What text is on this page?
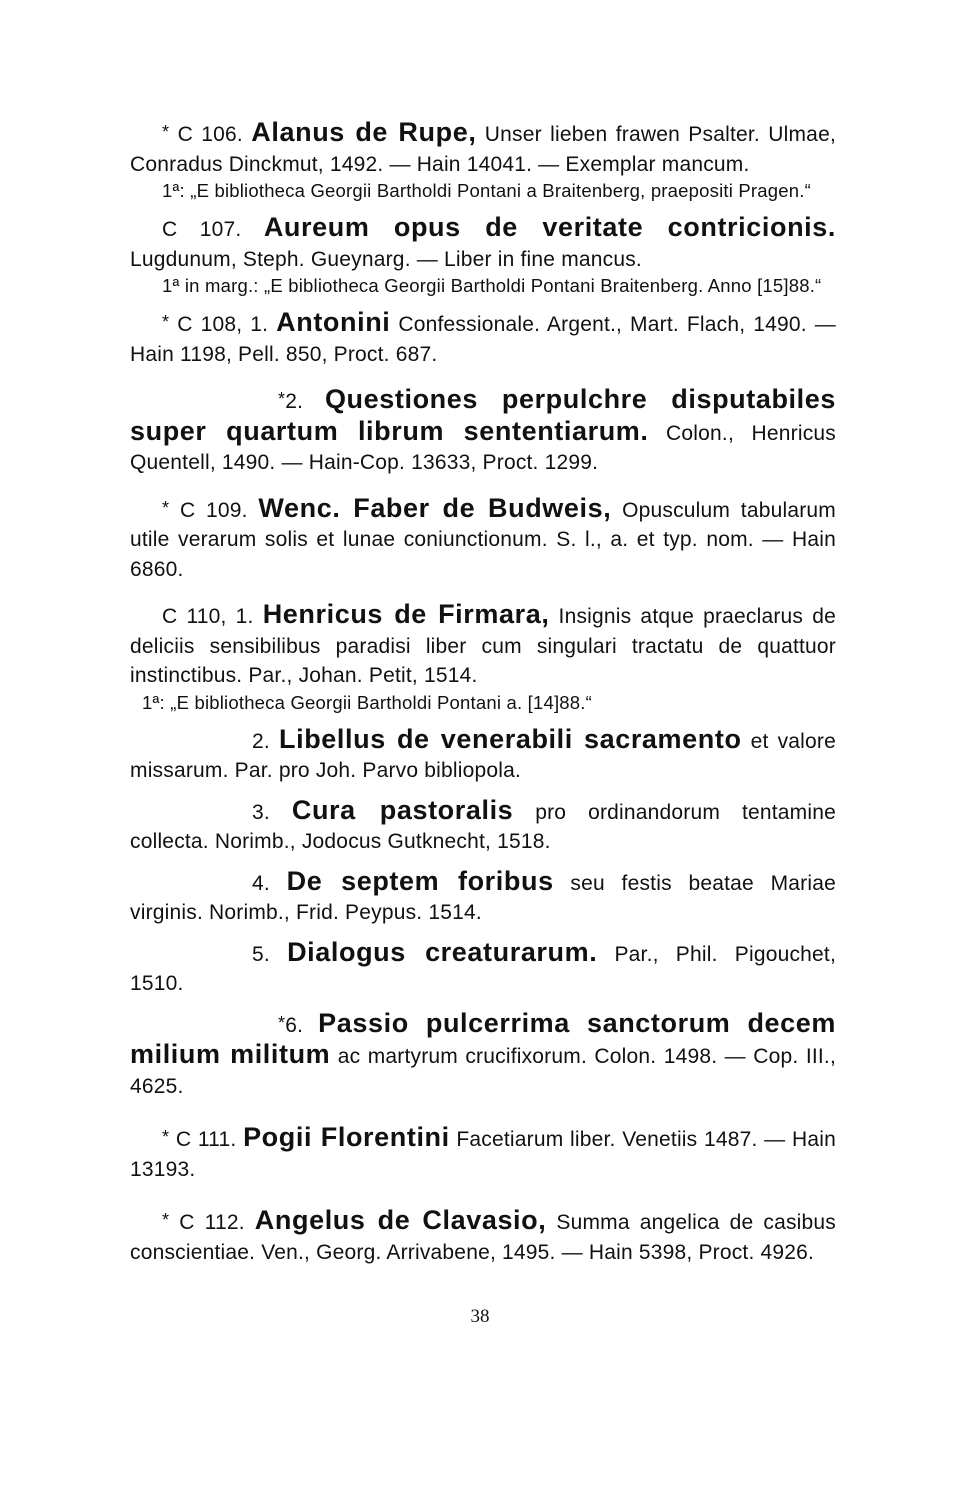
* C 106. Alanus de Rupe, Unser lieben frawen Psalter. Ulmae, Conradus Dinckmut, 1492. — Hain 14041. — Exemplar mancum.

1ª: „E bibliotheca Georgii Bartholdi Pontani a Braitenberg, praepositi Pragen.“

C 107. Aureum opus de veritate contricionis. Lugdunum, Steph. Gueynarg. — Liber in fine mancus.

1ª in marg.: „E bibliotheca Georgii Bartholdi Pontani Braitenberg. Anno [15]88.“

* C 108, 1. Antonini Confessionale. Argent., Mart. Flach, 1490. — Hain 1198, Pell. 850, Proct. 687.

*2. Questiones perpulchre disputabiles super quartum librum sententiarum. Colon., Henricus Quentell, 1490. — Hain-Cop. 13633, Proct. 1299.

* C 109. Wenc. Faber de Budweis, Opusculum tabularum utile verarum solis et lunae coniunctionum. S. l., a. et typ. nom. — Hain 6860.

C 110, 1. Henricus de Firmara, Insignis atque praeclarus de deliciis sensibilibus paradisi liber cum singulari tractatu de quattuor instinctibus. Par., Johan. Petit, 1514.

1ª: „E bibliotheca Georgii Bartholdi Pontani a. [14]88.“

2. Libellus de venerabili sacramento et valore missarum. Par. pro Joh. Parvo bibliopola.

3. Cura pastoralis pro ordinandorum tentamine collecta. Norimb., Jodocus Gutknecht, 1518.

4. De septem foribus seu festis beatae Mariae virginis. Norimb., Frid. Peypus. 1514.

5. Dialogus creaturarum. Par., Phil. Pigouchet, 1510.

*6. Passio pulcerrima sanctorum decem milium militum ac martyrum crucifixorum. Colon. 1498. — Cop. III., 4625.

* C 111. Pogii Florentini Facetiarum liber. Venetiis 1487. — Hain 13193.

* C 112. Angelus de Clavasio, Summa angelica de casibus conscientiae. Ven., Georg. Arrivabene, 1495. — Hain 5398, Proct. 4926.

38
